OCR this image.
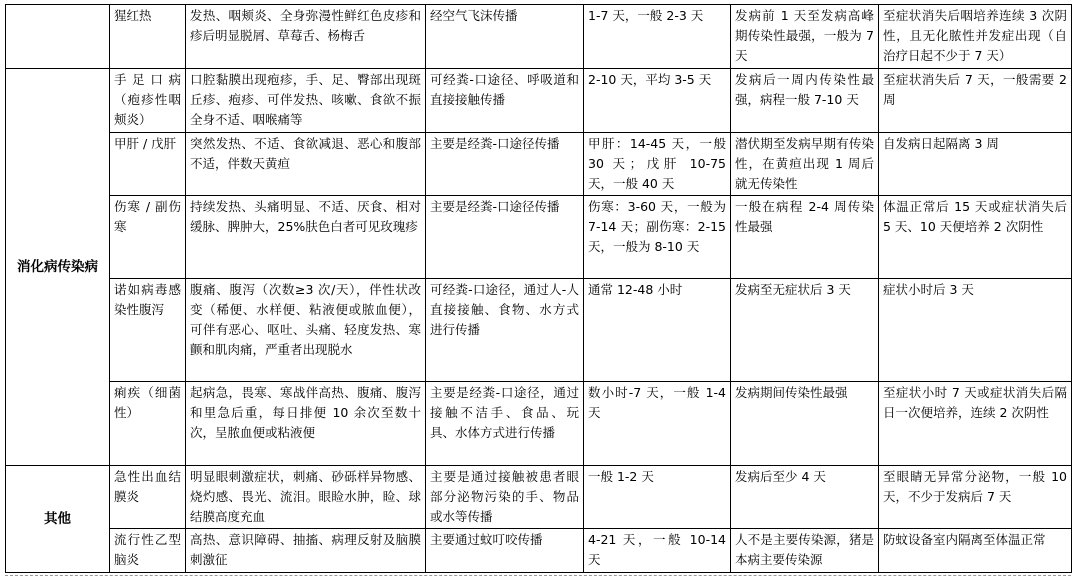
	猩红热	发热、咽颊炎、全身弥漫性鲜红色皮疹和疹后明显脱屑、草莓舌、杨梅舌	经空气飞沫传播	1-7 天，一般 2-3 天	发病前 1 天至发病高峰期传染性最强，一般为 7 天	至症状消失后咽培养连续 3 次阴性，且无化脓性并发症出现（自治疗日起不少于 7 天）
消化病传染病	手足口病（疱疹性咽颊炎）	口腔黏膜出现疱疹，手、足、臀部出现斑丘疹、疱疹、可伴发热、咳嗽、食欲不振全身不适、咽喉痛等	可经粪-口途径、呼吸道和直接接触传播	2-10 天，平均 3-5 天	发病后一周内传染性最强，病程一般 7-10 天	至症状消失后 7 天，一般需要 2 周
	甲肝 / 戊肝	突然发热、不适、食欲减退、恶心和腹部不适，伴数天黄疸	主要是经粪-口途径传播	甲肝：14-45 天，一般 30 天；戊肝 10-75 天，一般 40 天	潜伏期至发病早期有传染性，在黄疸出现 1 周后就无传染性	自发病日起隔离 3 周
	伤寒 / 副伤寒	持续发热、头痛明显、不适、厌食、相对缓脉、脾肿大，25%肤色白者可见玫瑰疹	主要是经粪-口途径传播	伤寒：3-60 天，一般为 7-14 天；副伤寒：2-15 天，一般为 8-10 天	一般在病程 2-4 周传染性最强	体温正常后 15 天或症状消失后 5 天、10 天便培养 2 次阴性
	诺如病毒感染性腹泻	腹痛、腹泻（次数≥3 次/天），伴性状改变（稀便、水样便、粘液便或脓血便），可伴有恶心、呕吐、头痛、轻度发热、寒颤和肌肉痛，严重者出现脱水	可经粪-口途径，通过人-人直接接触、食物、水方式进行传播	通常 12-48 小时	发病至无症状后 3 天	症状小时后 3 天
	痢疾（细菌性）	起病急，畏寒、寒战伴高热、腹痛、腹泻和里急后重，每日排便 10 余次至数十次，呈脓血便或粘液便	主要是经粪-口途径，通过接触不洁手、食品、玩具、水体方式进行传播	数小时-7 天，一般 1-4 天	发病期间传染性最强	至症状小时 7 天或症状消失后隔日一次便培养，连续 2 次阴性
其他	急性出血结膜炎	明显眼刺激症状，刺痛、砂砾样异物感、烧灼感、畏光、流泪。眼睑水肿，睑、球结膜高度充血	主要是通过接触被患者眼部分泌物污染的手、物品或水等传播	一般 1-2 天	发病后至少 4 天	至眼睛无异常分泌物，一般 10 天，不少于发病后 7 天
	流行性乙型脑炎	高热、意识障碍、抽搐、病理反射及脑膜刺激征	主要通过蚊叮咬传播	4-21 天，一般 10-14 天	人不是主要传染源，猪是本病主要传染源	防蚊设备室内隔离至体温正常
